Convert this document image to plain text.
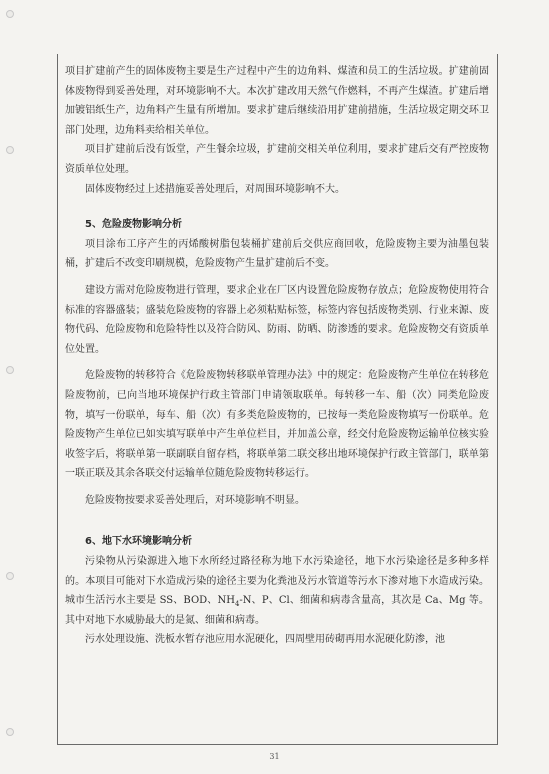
项目扩建前产生的固体废物主要是生产过程中产生的边角料、煤渣和员工的生活垃圾。扩建前固体废物得到妥善处理，对环境影响不大。本次扩建改用天然气作燃料，不再产生煤渣。扩建后增加镀铝纸生产，边角料产生量有所增加。要求扩建后继续沿用扩建前措施，生活垃圾定期交环卫部门处理，边角料卖给相关单位。

项目扩建前后没有饭堂，产生餐余垃圾，扩建前交相关单位利用，要求扩建后交有严控废物资质单位处理。

固体废物经过上述措施妥善处理后，对周围环境影响不大。

5、危险废物影响分析

项目涂布工序产生的丙烯酸树脂包装桶扩建前后交供应商回收，危险废物主要为油墨包装桶，扩建后不改变印刷规模，危险废物产生量扩建前后不变。

建设方需对危险废物进行管理，要求企业在厂区内设置危险废物存放点；危险废物使用符合标准的容器盛装；盛装危险废物的容器上必须粘贴标签，标签内容包括废物类别、行业来源、废物代码、危险废物和危险特性以及符合防风、防雨、防晒、防渗透的要求。危险废物交有资质单位处置。

危险废物的转移符合《危险废物转移联单管理办法》中的规定：危险废物产生单位在转移危险废物前，已向当地环境保护行政主管部门申请领取联单。每转移一车、船（次）同类危险废物，填写一份联单，每车、船（次）有多类危险废物的，已按每一类危险废物填写一份联单。危险废物产生单位已如实填写联单中产生单位栏目，并加盖公章，经交付危险废物运输单位核实验收签字后，将联单第一联副联自留存档，将联单第二联交移出地环境保护行政主管部门，联单第一联正联及其余各联交付运输单位随危险废物转移运行。

危险废物按要求妥善处理后，对环境影响不明显。

6、地下水环境影响分析

污染物从污染源进入地下水所经过路径称为地下水污染途径，地下水污染途径是多种多样的。本项目可能对下水造成污染的途径主要为化粪池及污水管道等污水下渗对地下水造成污染。城市生活污水主要是 SS、BOD、$NH_4-N$、P、Cl、细菌和病毒含量高，其次是 Ca、Mg 等。其中对地下水威胁最大的是氮、细菌和病毒。

污水处理设施、洗板水暂存池应用水泥硬化，四周壁用砖砌再用水泥硬化防渗，池

31
